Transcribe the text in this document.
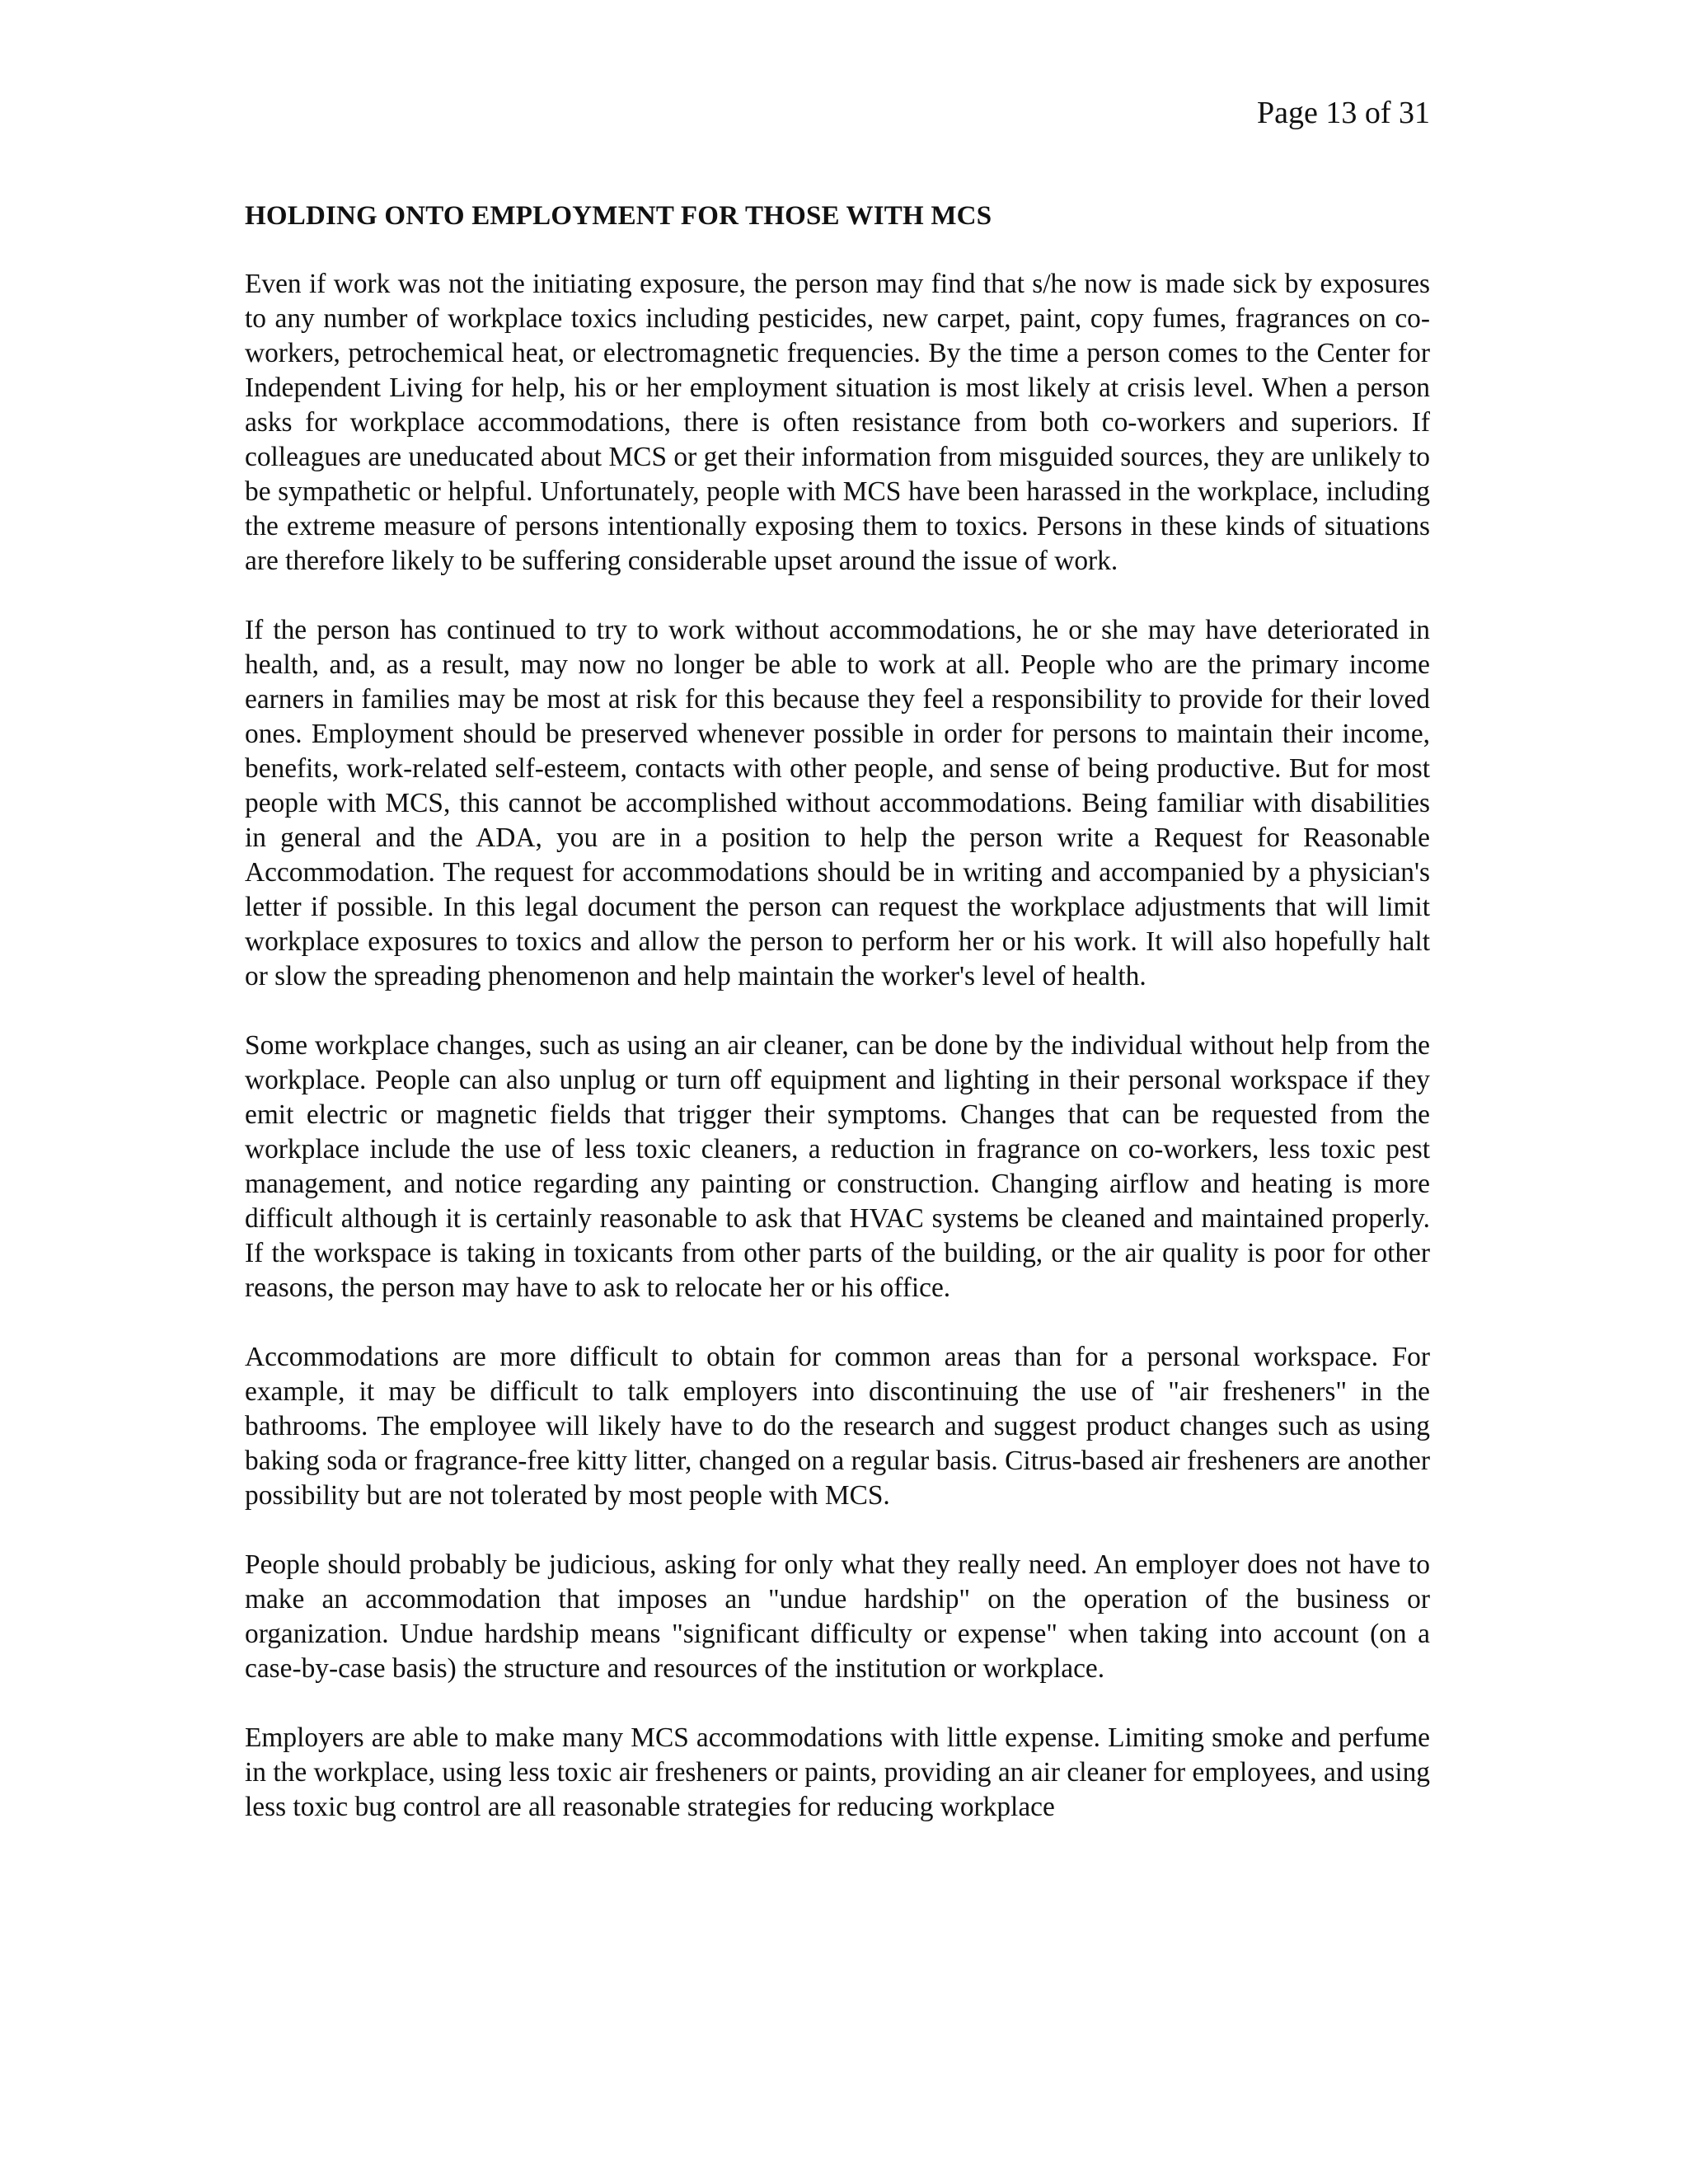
Page 13 of 31

HOLDING ONTO EMPLOYMENT FOR THOSE WITH MCS

Even if work was not the initiating exposure, the person may find that s/he now is made sick by exposures to any number of workplace toxics including pesticides, new carpet, paint, copy fumes, fragrances on co-workers, petrochemical heat, or electromagnetic frequencies. By the time a person comes to the Center for Independent Living for help, his or her employment situation is most likely at crisis level. When a person asks for workplace accommodations, there is often resistance from both co-workers and superiors. If colleagues are uneducated about MCS or get their information from misguided sources, they are unlikely to be sympathetic or helpful. Unfortunately, people with MCS have been harassed in the workplace, including the extreme measure of persons intentionally exposing them to toxics. Persons in these kinds of situations are therefore likely to be suffering considerable upset around the issue of work.

If the person has continued to try to work without accommodations, he or she may have deteriorated in health, and, as a result, may now no longer be able to work at all. People who are the primary income earners in families may be most at risk for this because they feel a responsibility to provide for their loved ones. Employment should be preserved whenever possible in order for persons to maintain their income, benefits, work-related self-esteem, contacts with other people, and sense of being productive. But for most people with MCS, this cannot be accomplished without accommodations. Being familiar with disabilities in general and the ADA, you are in a position to help the person write a Request for Reasonable Accommodation. The request for accommodations should be in writing and accompanied by a physician's letter if possible. In this legal document the person can request the workplace adjustments that will limit workplace exposures to toxics and allow the person to perform her or his work. It will also hopefully halt or slow the spreading phenomenon and help maintain the worker's level of health.

Some workplace changes, such as using an air cleaner, can be done by the individual without help from the workplace. People can also unplug or turn off equipment and lighting in their personal workspace if they emit electric or magnetic fields that trigger their symptoms. Changes that can be requested from the workplace include the use of less toxic cleaners, a reduction in fragrance on co-workers, less toxic pest management, and notice regarding any painting or construction. Changing airflow and heating is more difficult although it is certainly reasonable to ask that HVAC systems be cleaned and maintained properly. If the workspace is taking in toxicants from other parts of the building, or the air quality is poor for other reasons, the person may have to ask to relocate her or his office.

Accommodations are more difficult to obtain for common areas than for a personal workspace. For example, it may be difficult to talk employers into discontinuing the use of "air fresheners" in the bathrooms. The employee will likely have to do the research and suggest product changes such as using baking soda or fragrance-free kitty litter, changed on a regular basis. Citrus-based air fresheners are another possibility but are not tolerated by most people with MCS.

People should probably be judicious, asking for only what they really need. An employer does not have to make an accommodation that imposes an "undue hardship" on the operation of the business or organization. Undue hardship means "significant difficulty or expense" when taking into account (on a case-by-case basis) the structure and resources of the institution or workplace.

Employers are able to make many MCS accommodations with little expense. Limiting smoke and perfume in the workplace, using less toxic air fresheners or paints, providing an air cleaner for employees, and using less toxic bug control are all reasonable strategies for reducing workplace
